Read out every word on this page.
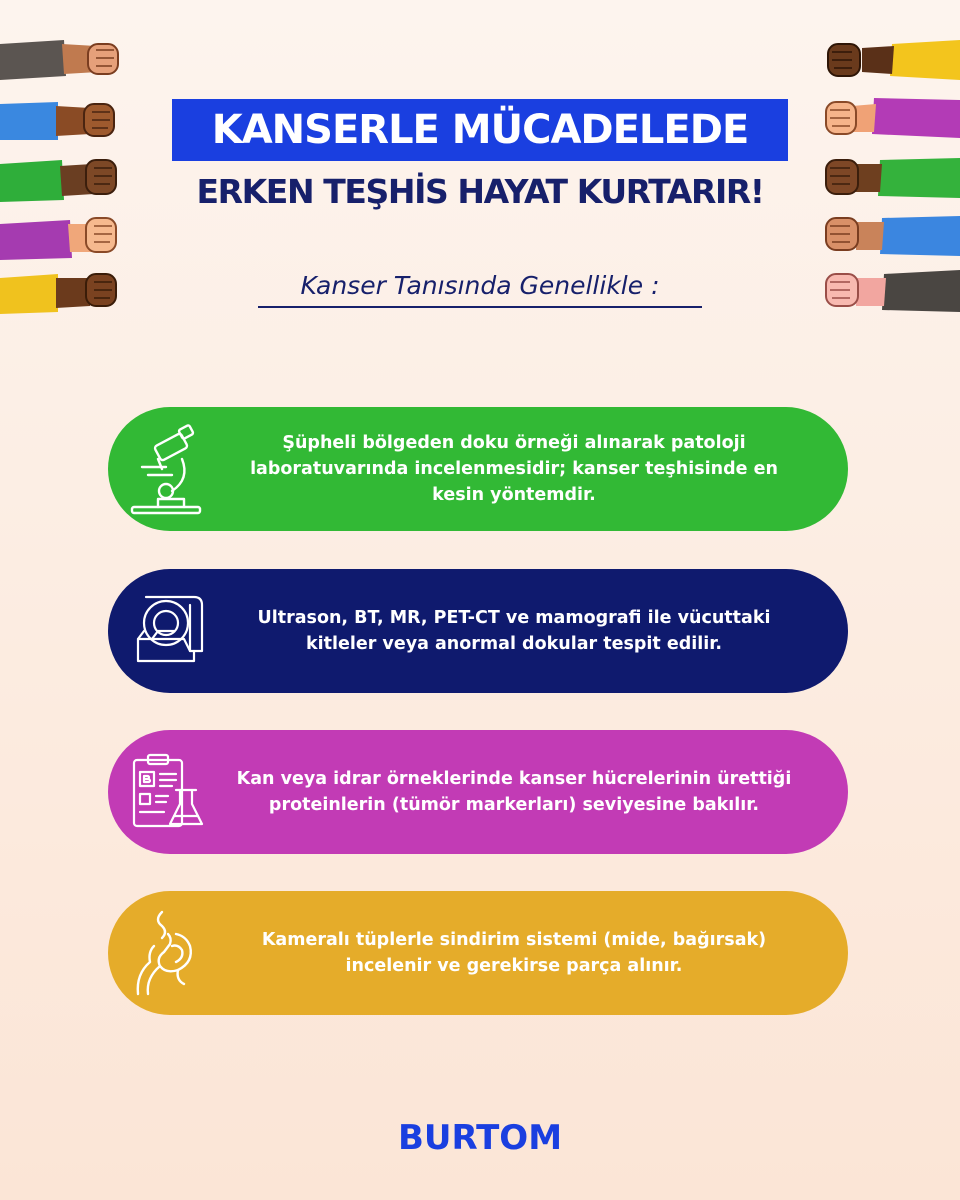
KANSERLE MÜCADELEDE
ERKEN TEŞHİS HAYAT KURTARIR!
Kanser Tanısında Genellikle :
Şüpheli bölgeden doku örneği alınarak patoloji laboratuvarında incelenmesidir; kanser teşhisinde en kesin yöntemdir.
Ultrason, BT, MR, PET-CT ve mamografi ile vücuttaki kitleler veya anormal dokular tespit edilir.
Kan veya idrar örneklerinde kanser hücrelerinin ürettiği proteinlerin (tümör markerları) seviyesine bakılır.
Kameralı tüplerle sindirim sistemi (mide, bağırsak) incelenir ve gerekirse parça alınır.
BURTOM
